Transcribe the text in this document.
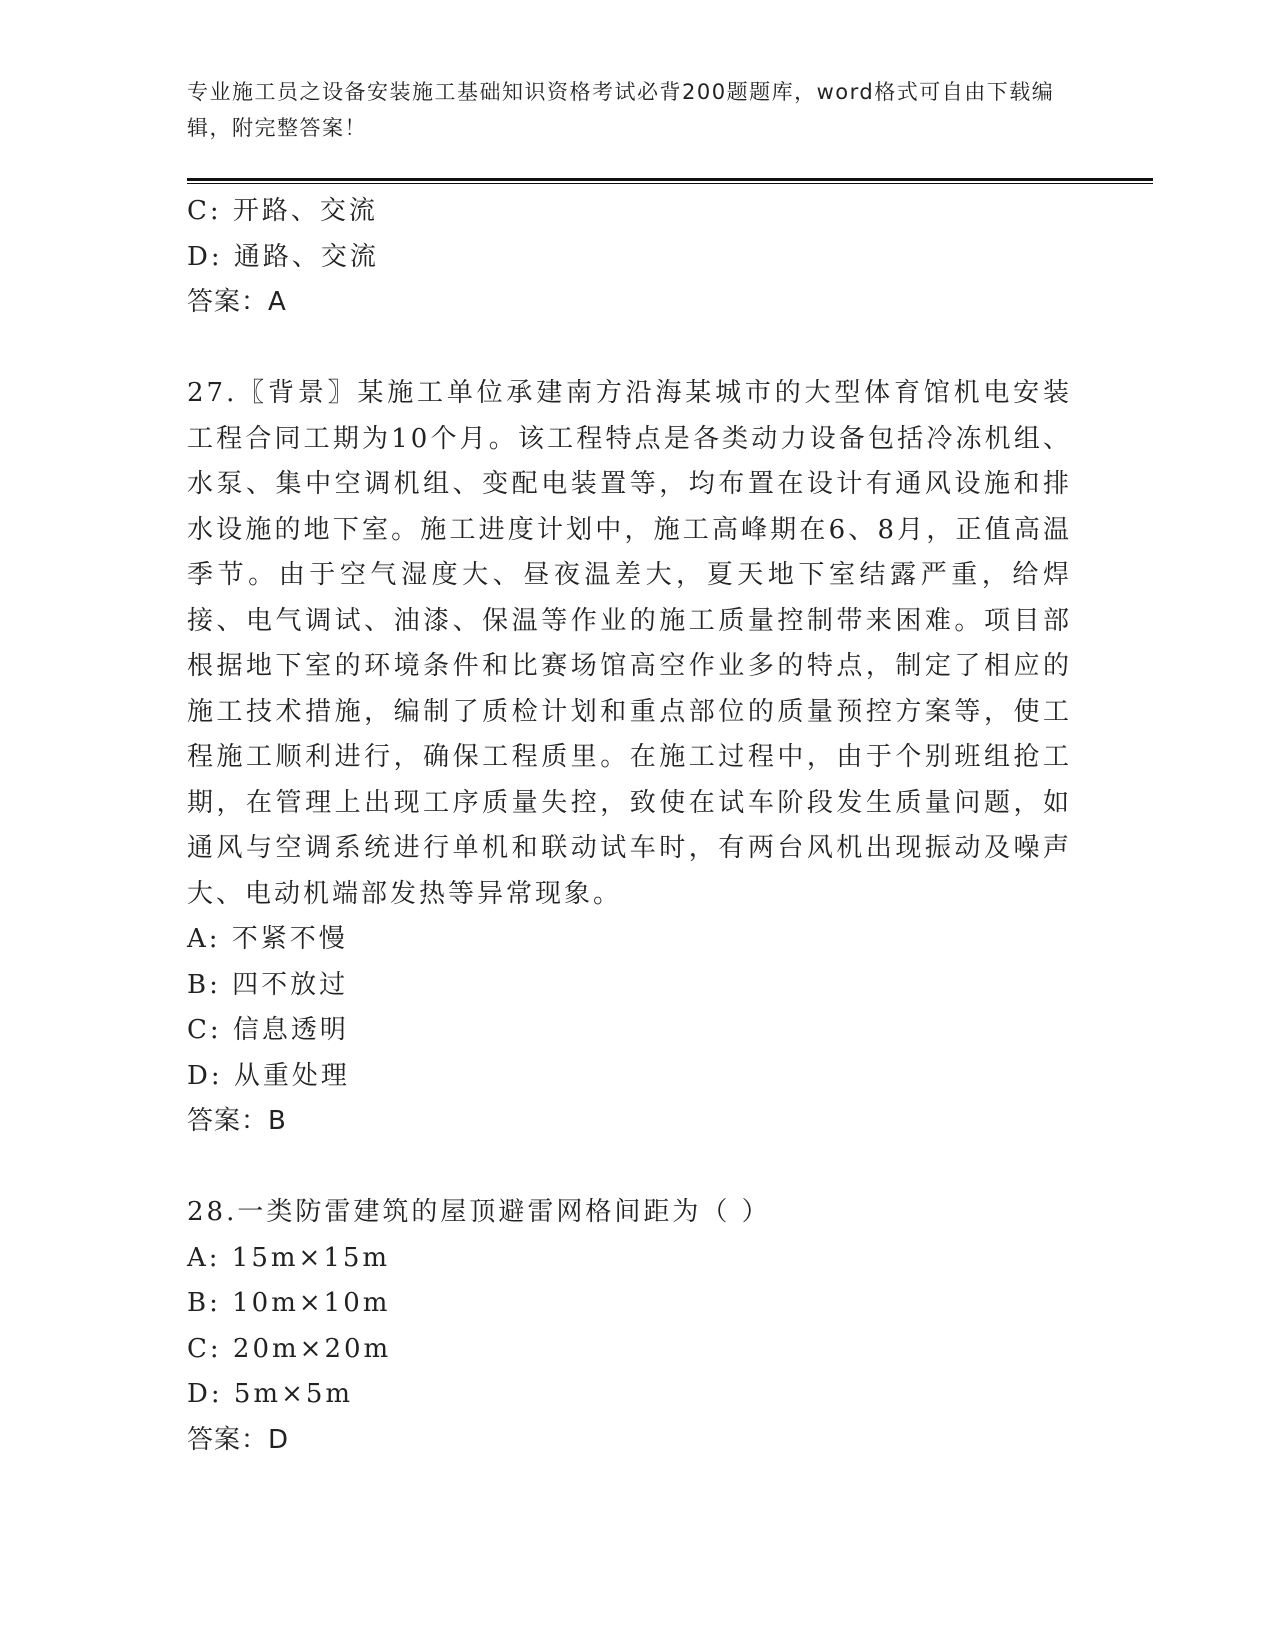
专业施工员之设备安装施工基础知识资格考试必背200题题库，word格式可自由下载编辑，附完整答案！
C: 开路、交流
D: 通路、交流
答案：A
27.〖背景〗某施工单位承建南方沿海某城市的大型体育馆机电安装工程合同工期为10个月。该工程特点是各类动力设备包括冷冻机组、水泵、集中空调机组、变配电装置等，均布置在设计有通风设施和排水设施的地下室。施工进度计划中，施工高峰期在6、8月，正值高温季节。由于空气湿度大、昼夜温差大，夏天地下室结露严重，给焊接、电气调试、油漆、保温等作业的施工质量控制带来困难。项目部根据地下室的环境条件和比赛场馆高空作业多的特点，制定了相应的施工技术措施，编制了质检计划和重点部位的质量预控方案等，使工程施工顺利进行，确保工程质里。在施工过程中，由于个别班组抢工期，在管理上出现工序质量失控，致使在试车阶段发生质量问题，如通风与空调系统进行单机和联动试车时，有两台风机出现振动及噪声大、电动机端部发热等异常现象。
A: 不紧不慢
B: 四不放过
C: 信息透明
D: 从重处理
答案：B
28.一类防雷建筑的屋顶避雷网格间距为（ ）
A: 15m×15m
B: 10m×10m
C: 20m×20m
D: 5m×5m
答案：D
